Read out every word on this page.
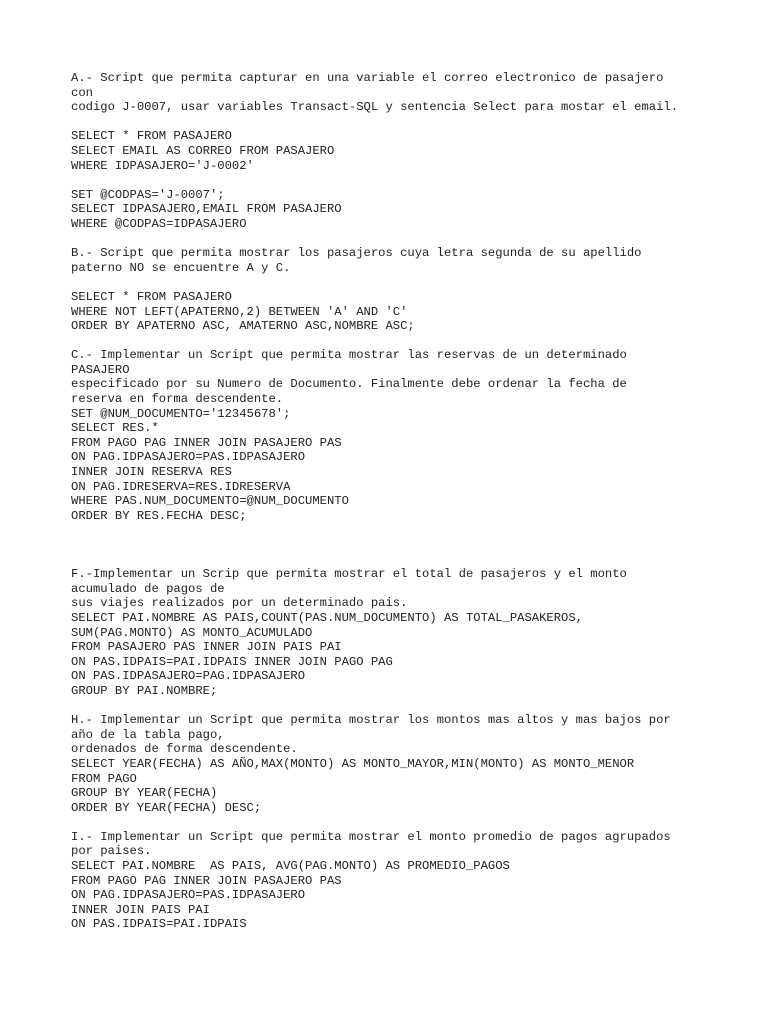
A.- Script que permita capturar en una variable el correo electronico de pasajero
con
codigo J-0007, usar variables Transact-SQL y sentencia Select para mostar el email.
SELECT * FROM PASAJERO
SELECT EMAIL AS CORREO FROM PASAJERO
WHERE IDPASAJERO='J-0002'
SET @CODPAS='J-0007';
SELECT IDPASAJERO,EMAIL FROM PASAJERO
WHERE @CODPAS=IDPASAJERO
B.- Script que permita mostrar los pasajeros cuya letra segunda de su apellido
paterno NO se encuentre A y C.
SELECT * FROM PASAJERO
WHERE NOT LEFT(APATERNO,2) BETWEEN 'A' AND 'C'
ORDER BY APATERNO ASC, AMATERNO ASC,NOMBRE ASC;
C.- Implementar un Script que permita mostrar las reservas de un determinado
PASAJERO
especificado por su Numero de Documento. Finalmente debe ordenar la fecha de
reserva en forma descendente.
SET @NUM_DOCUMENTO='12345678';
SELECT RES.*
FROM PAGO PAG INNER JOIN PASAJERO PAS
ON PAG.IDPASAJERO=PAS.IDPASAJERO
INNER JOIN RESERVA RES
ON PAG.IDRESERVA=RES.IDRESERVA
WHERE PAS.NUM_DOCUMENTO=@NUM_DOCUMENTO
ORDER BY RES.FECHA DESC;
F.-Implementar un Scrip que permita mostrar el total de pasajeros y el monto
acumulado de pagos de
sus viajes realizados por un determinado pais.
SELECT PAI.NOMBRE AS PAIS,COUNT(PAS.NUM_DOCUMENTO) AS TOTAL_PASAKEROS,
SUM(PAG.MONTO) AS MONTO_ACUMULADO
FROM PASAJERO PAS INNER JOIN PAIS PAI
ON PAS.IDPAIS=PAI.IDPAIS INNER JOIN PAGO PAG
ON PAS.IDPASAJERO=PAG.IDPASAJERO
GROUP BY PAI.NOMBRE;
H.- Implementar un Script que permita mostrar los montos mas altos y mas bajos por
año de la tabla pago,
ordenados de forma descendente.
SELECT YEAR(FECHA) AS AÑO,MAX(MONTO) AS MONTO_MAYOR,MIN(MONTO) AS MONTO_MENOR
FROM PAGO
GROUP BY YEAR(FECHA)
ORDER BY YEAR(FECHA) DESC;
I.- Implementar un Script que permita mostrar el monto promedio de pagos agrupados
por paises.
SELECT PAI.NOMBRE  AS PAIS, AVG(PAG.MONTO) AS PROMEDIO_PAGOS
FROM PAGO PAG INNER JOIN PASAJERO PAS
ON PAG.IDPASAJERO=PAS.IDPASAJERO
INNER JOIN PAIS PAI
ON PAS.IDPAIS=PAI.IDPAIS
